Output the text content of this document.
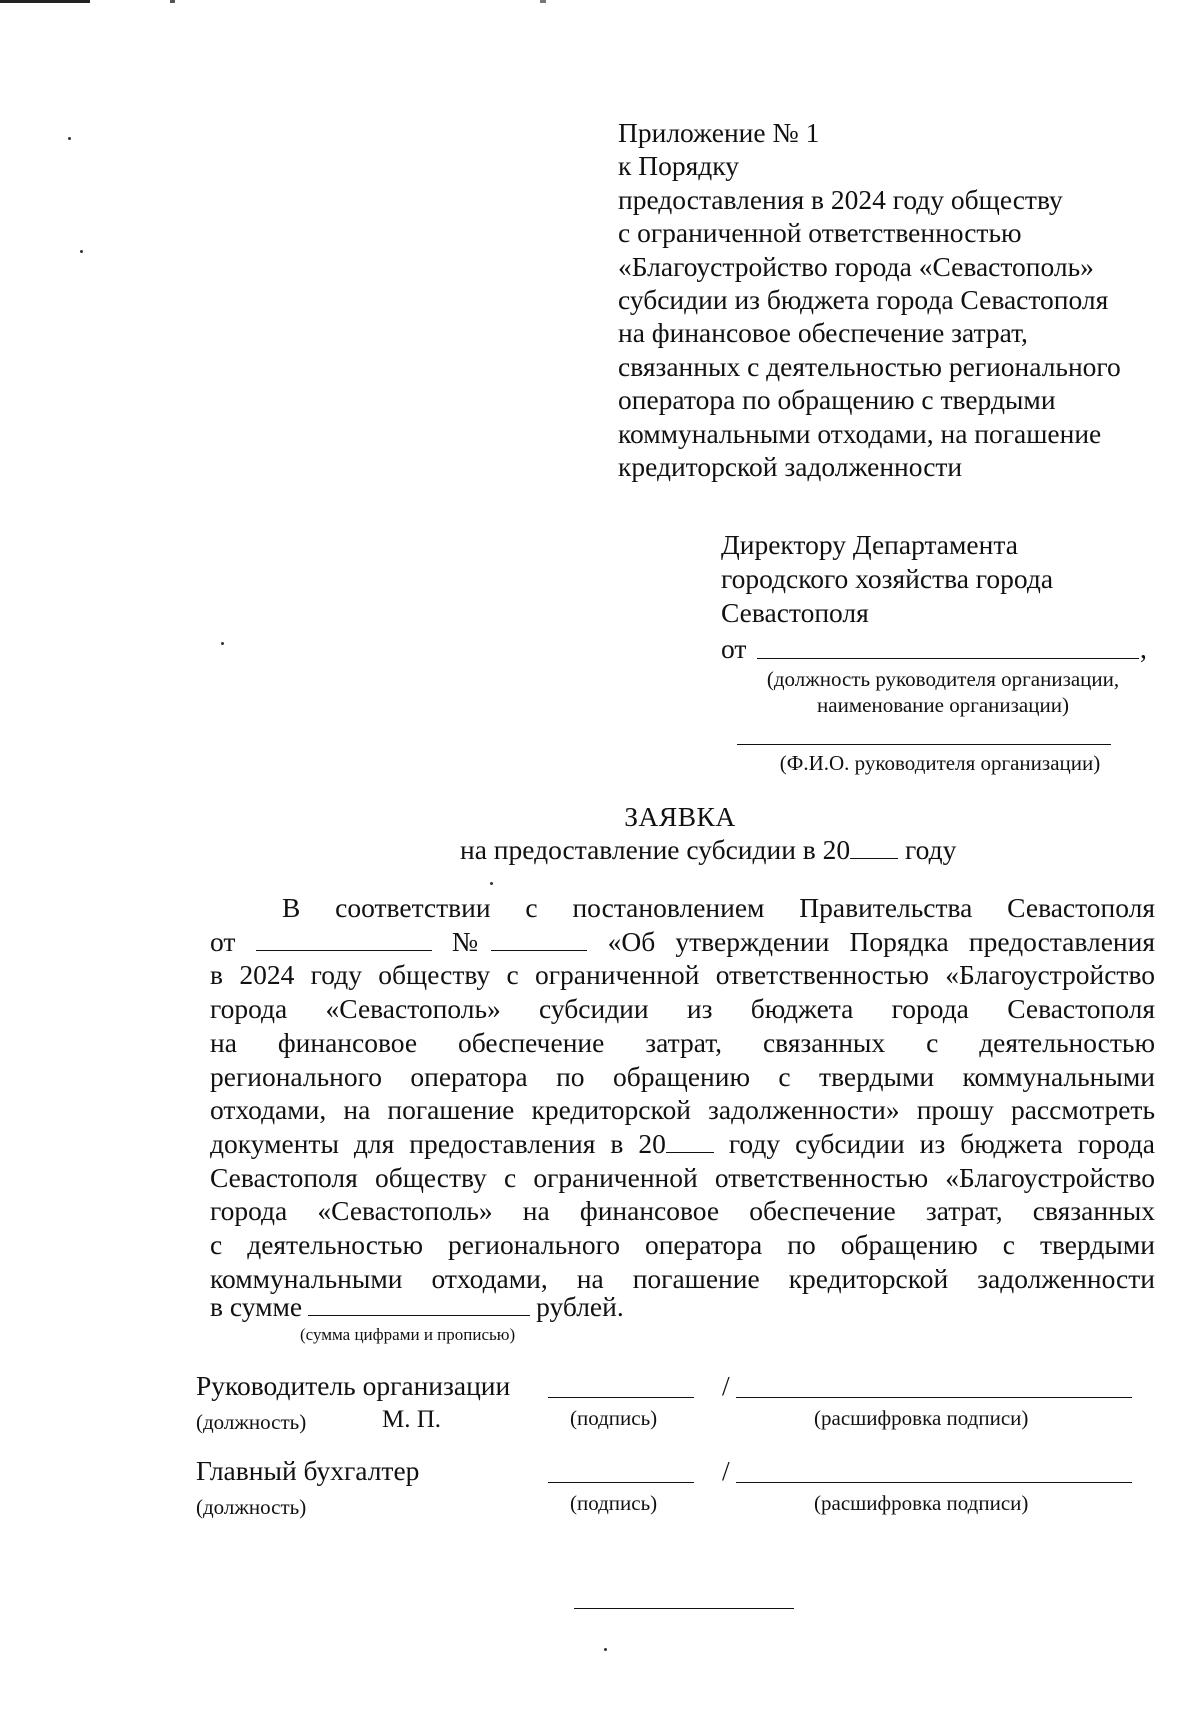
Приложение № 1
к Порядку
предоставления в 2024 году обществу
с ограниченной ответственностью
«Благоустройство города «Севастополь»
субсидии из бюджета города Севастополя
на финансовое обеспечение затрат,
связанных с деятельностью регионального
оператора по обращению с твердыми
коммунальными отходами, на погашение
кредиторской задолженности
Директору Департамента
городского хозяйства города
Севастополя
от	,
(должность руководителя организации,
наименование организации)
(Ф.И.О. руководителя организации)
ЗАЯВКА
на предоставление субсидии в 20 году
В соответствии с постановлением Правительства Севастополя
от	№	«Об утверждении Порядка предоставления
в 2024 году обществу с ограниченной ответственностью «Благоустройство
города «Севастополь» субсидии из бюджета города Севастополя
на финансовое обеспечение затрат, связанных с деятельностью
регионального оператора по обращению с твердыми коммунальными
отходами, на погашение кредиторской задолженности» прошу рассмотреть
документы для предоставления в 20 году субсидии из бюджета города
Севастополя обществу с ограниченной ответственностью «Благоустройство
города «Севастополь» на финансовое обеспечение затрат, связанных
с деятельностью регионального оператора по обращению с твердыми
коммунальными отходами, на погашение кредиторской задолженности
в сумме	рублей.
(сумма цифрами и прописью)
Руководитель организации	/
(должность)	М. П.	(подпись)	(расшифровка подписи)
Главный бухгалтер	/
(должность)	(подпись)	(расшифровка подписи)
